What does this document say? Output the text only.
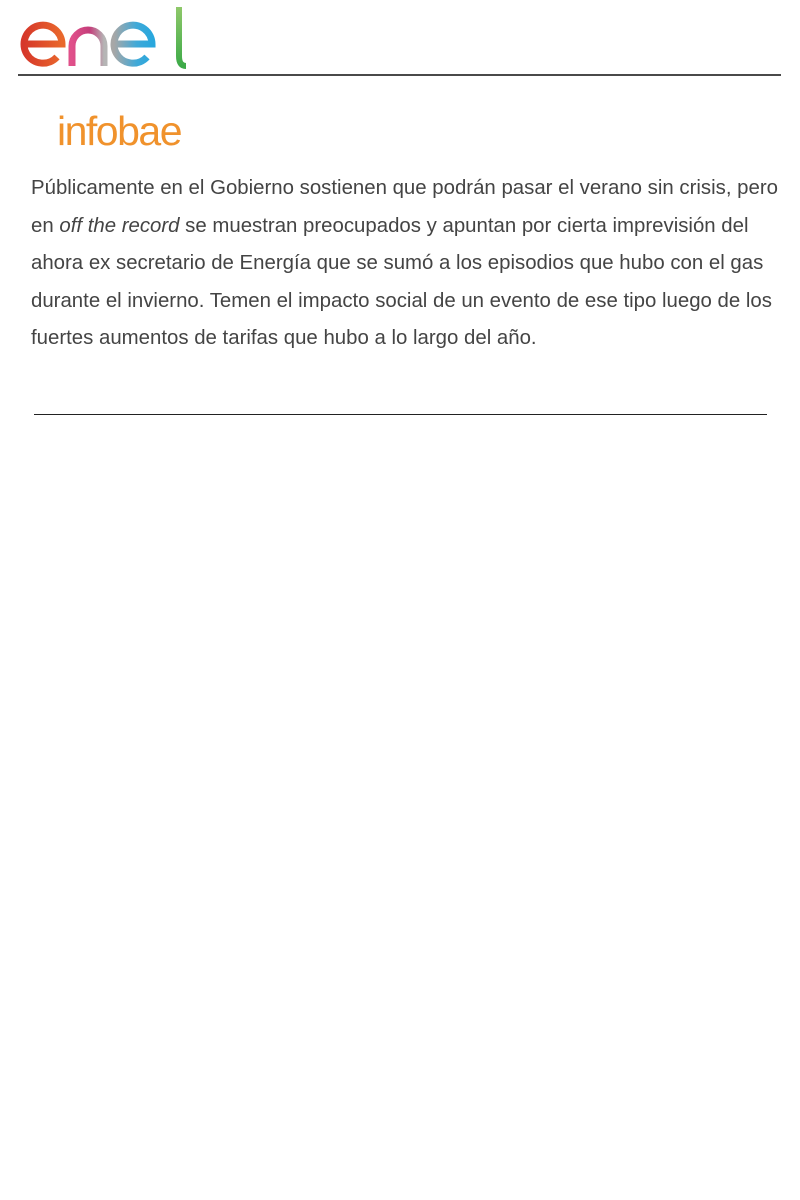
infobae

Públicamente en el Gobierno sostienen que podrán pasar el verano sin crisis, pero en off the record se muestran preocupados y apuntan por cierta imprevisión del ahora ex secretario de Energía que se sumó a los episodios que hubo con el gas durante el invierno. Temen el impacto social de un evento de ese tipo luego de los fuertes aumentos de tarifas que hubo a lo largo del año.
